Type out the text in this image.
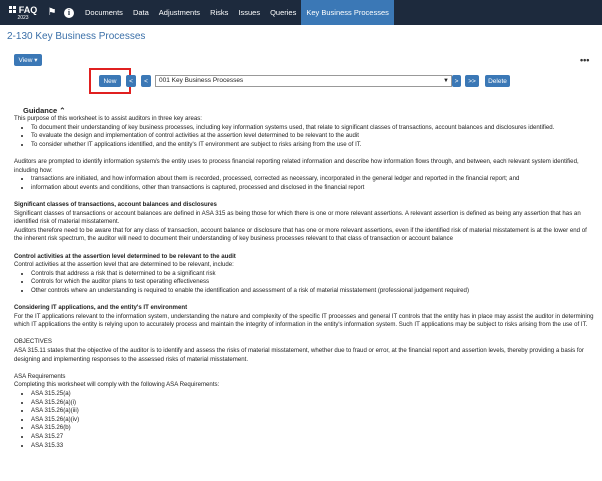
FAQ
2023 ⚑	i	Documents	Data	Adjustments	Risks	Issues	Queries	Key Business Processes
2-130 Key Business Processes
View ▾	•••
New	<	<	001 Key Business Processes	▼ >	>>	Delete
Guidance ⌃

This purpose of this worksheet is to assist auditors in three key areas:

• To document their understanding of key business processes, including key information systems used, that relate to significant classes of transactions, account balances and disclosures identified.
• To evaluate the design and implementation of control activities at the assertion level determined to be relevant to the audit
• To consider whether IT applications identified, and the entity's IT environment are subject to risks arising from the use of IT.

Auditors are prompted to identify information system/s the entity uses to process financial reporting related information and describe how information flows through, and between, each relevant system identified, including how:

• transactions are initiated, and how information about them is recorded, processed, corrected as necessary, incorporated in the general ledger and reported in the financial report; and
• information about events and conditions, other than transactions is captured, processed and disclosed in the financial report

Significant classes of transactions, account balances and disclosures

Significant classes of transactions or account balances are defined in ASA 315 as being those for which there is one or more relevant assertions. A relevant assertion is defined as being any assertion that has an identified risk of material misstatement.

Auditors therefore need to be aware that for any class of transaction, account balance or disclosure that has one or more relevant assertions, even if the identified risk of material misstatement is at the lower end of the inherent risk spectrum, the auditor will need to document their understanding of key business processes relevant to that class of transaction or account balance

Control activities at the assertion level determined to be relevant to the audit

Control activities at the assertion level that are determined to be relevant, include:

• Controls that address a risk that is determined to be a significant risk
• Controls for which the auditor plans to test operating effectiveness
• Other controls where an understanding is required to enable the identification and assessment of a risk of material misstatement (professional judgement required)

Considering IT applications, and the entity's IT environment

For the IT applications relevant to the information system, understanding the nature and complexity of the specific IT processes and general IT controls that the entity has in place may assist the auditor in determining which IT applications the entity is relying upon to accurately process and maintain the integrity of information in the entity's information system. Such IT applications may be subject to risks arising from the use of IT.

OBJECTIVES

ASA 315.11 states that the objective of the auditor is to identify and assess the risks of material misstatement, whether due to fraud or error, at the financial report and assertion levels, thereby providing a basis for designing and implementing responses to the assessed risks of material misstatement.

ASA Requirements

Completing this worksheet will comply with the following ASA Requirements:

• ASA 315.25(a)
• ASA 315.26(a)(i)
• ASA 315.26(a)(iii)
• ASA 315.26(a)(iv)
• ASA 315.26(b)
• ASA 315.27
• ASA 315.33
